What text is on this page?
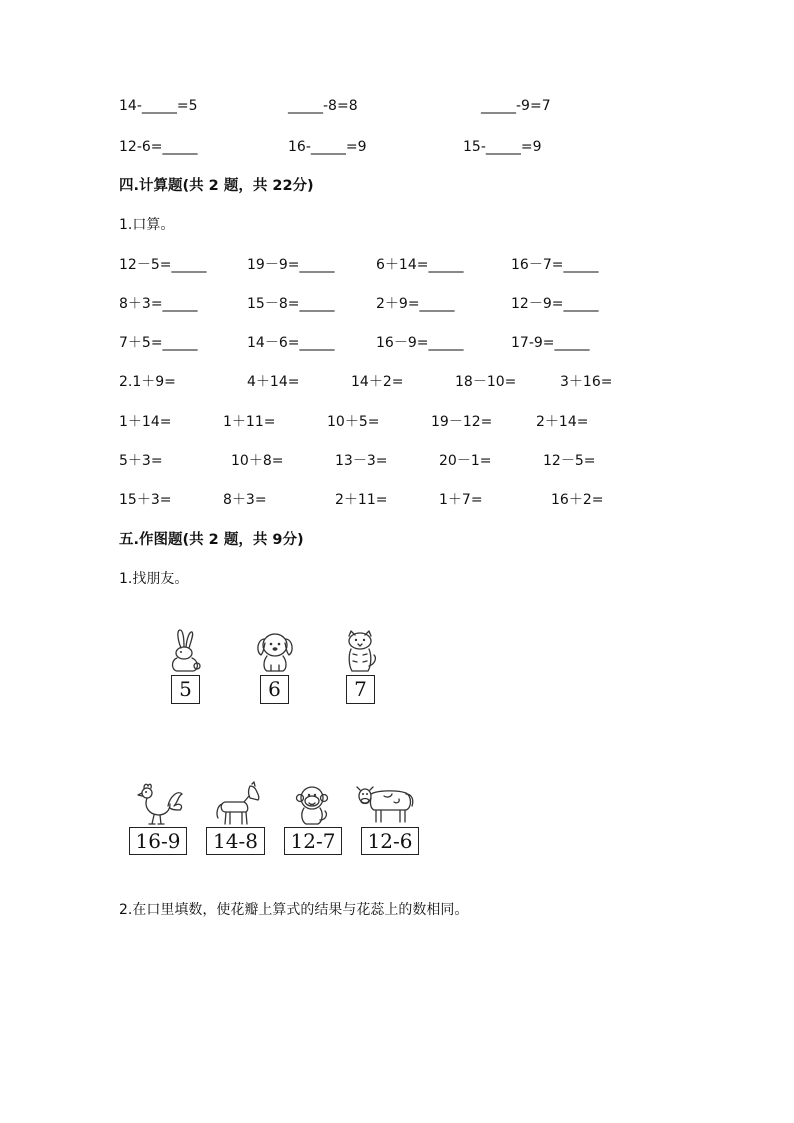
14-_____=5	_____-8=8	_____-9=7
12-6=_____	16-_____=9	15-_____=9
四.计算题(共 2 题，共 22分)
1.口算。
12－5=_____	19－9=_____	6＋14=_____	16－7=_____
8＋3=_____	15－8=_____	2＋9=_____	12－9=_____
7＋5=_____	14－6=_____	16－9=_____	17-9=_____
2.1＋9=	4＋14=	14＋2=	18－10=	3＋16=
1＋14=	1＋11=	10＋5=	19－12=	2＋14=
5＋3=	10＋8=	13－3=	20－1=	12－5=
15＋3=	8＋3=	2＋11=	1＋7=	16＋2=
五.作图题(共 2 题，共 9分)
1.找朋友。
5	6	7
16-9	14-8	12-7	12-6
2.在口里填数，使花瓣上算式的结果与花蕊上的数相同。
